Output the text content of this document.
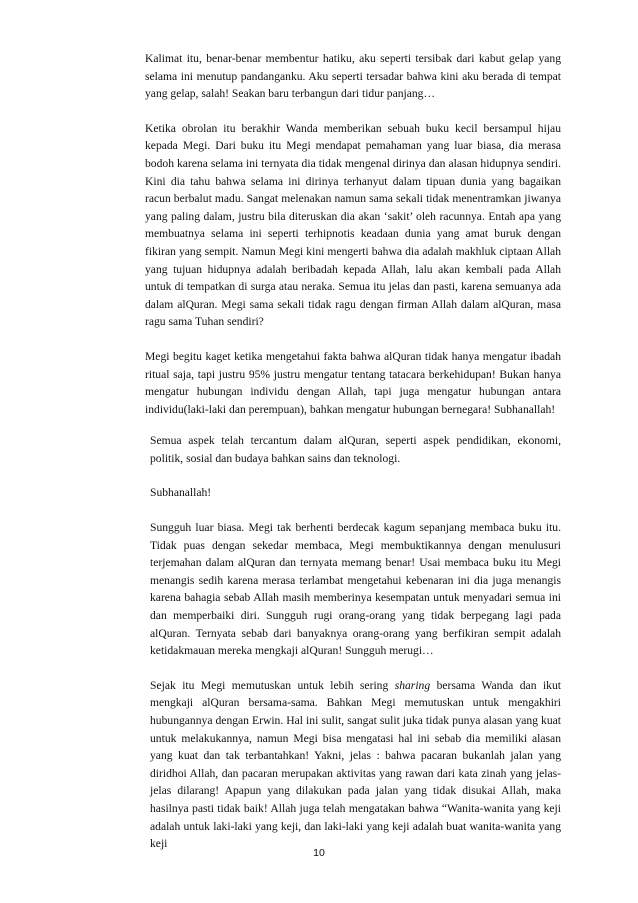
Kalimat itu, benar-benar membentur hatiku, aku seperti tersibak dari kabut gelap yang selama ini menutup pandanganku. Aku seperti tersadar bahwa kini aku berada di tempat yang gelap, salah! Seakan baru terbangun dari tidur panjang…

Ketika obrolan itu berakhir Wanda memberikan sebuah buku kecil bersampul hijau kepada Megi. Dari buku itu Megi mendapat pemahaman yang luar biasa, dia merasa bodoh karena selama ini ternyata dia tidak mengenal dirinya dan alasan hidupnya sendiri. Kini dia tahu bahwa selama ini dirinya terhanyut dalam tipuan dunia yang bagaikan racun berbalut madu. Sangat melenakan namun sama sekali tidak menentramkan jiwanya yang paling dalam, justru bila diteruskan dia akan ‘sakit’ oleh racunnya. Entah apa yang membuatnya selama ini seperti terhipnotis keadaan dunia yang amat buruk dengan fikiran yang sempit. Namun Megi kini mengerti bahwa dia adalah makhluk ciptaan Allah yang tujuan hidupnya adalah beribadah kepada Allah, lalu akan kembali pada Allah untuk di tempatkan di surga atau neraka. Semua itu jelas dan pasti, karena semuanya ada dalam alQuran. Megi sama sekali tidak ragu dengan firman Allah dalam alQuran, masa ragu sama Tuhan sendiri?

Megi begitu kaget ketika mengetahui fakta bahwa alQuran tidak hanya mengatur ibadah ritual saja, tapi justru 95% justru mengatur tentang tatacara berkehidupan! Bukan hanya mengatur hubungan individu dengan Allah, tapi juga mengatur hubungan antara individu(laki-laki dan perempuan), bahkan mengatur hubungan bernegara! Subhanallah!

Semua aspek telah tercantum dalam alQuran, seperti aspek pendidikan, ekonomi, politik, sosial dan budaya bahkan sains dan teknologi.

Subhanallah!

Sungguh luar biasa. Megi tak berhenti berdecak kagum sepanjang membaca buku itu. Tidak puas dengan sekedar membaca, Megi membuktikannya dengan menulusuri terjemahan dalam alQuran dan ternyata memang benar! Usai membaca buku itu Megi menangis sedih karena merasa terlambat mengetahui kebenaran ini dia juga menangis karena bahagia sebab Allah masih memberinya kesempatan untuk menyadari semua ini dan memperbaiki diri. Sungguh rugi orang-orang yang tidak berpegang lagi pada alQuran. Ternyata sebab dari banyaknya orang-orang yang berfikiran sempit adalah ketidakmauan mereka mengkaji alQuran! Sungguh merugi…

Sejak itu Megi memutuskan untuk lebih sering sharing bersama Wanda dan ikut mengkaji alQuran bersama-sama. Bahkan Megi memutuskan untuk mengakhiri hubungannya dengan Erwin. Hal ini sulit, sangat sulit juka tidak punya alasan yang kuat untuk melakukannya, namun Megi bisa mengatasi hal ini sebab dia memiliki alasan yang kuat dan tak terbantahkan! Yakni, jelas : bahwa pacaran bukanlah jalan yang diridhoi Allah, dan pacaran merupakan aktivitas yang rawan dari kata zinah yang jelas-jelas dilarang! Apapun yang dilakukan pada jalan yang tidak disukai Allah, maka hasilnya pasti tidak baik! Allah juga telah mengatakan bahwa “Wanita-wanita yang keji adalah untuk laki-laki yang keji, dan laki-laki yang keji adalah buat wanita-wanita yang keji

10
